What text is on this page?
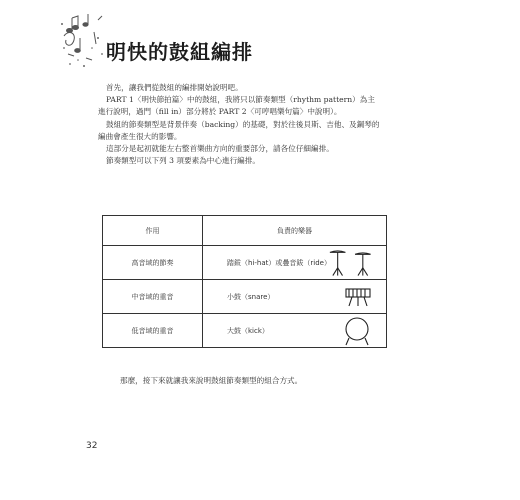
明快的鼓組編排

首先，讓我們從鼓組的編排開始說明吧。

PART 1〈明快節拍篇〉中的鼓組，我將只以節奏類型（rhythm pattern）為主進行說明，過門（fill in）部分將於 PART 2〈可哼唱樂句篇〉中說明）。

鼓組的節奏類型是背景伴奏（backing）的基礎，對於往後貝斯、吉他、及鋼琴的編曲會產生很大的影響。

這部分是起初就能左右整首樂曲方向的重要部分，請各位仔細編排。

節奏類型可以下列 3 項要素為中心進行編排。

作用	負責的樂器
高音域的節奏	踏鈸（hi-hat）或疊音鈸（ride）

中音域的重音	小鼓（snare）

低音域的重音	大鼓（kick）
那麼，接下來就讓我來說明鼓組節奏類型的組合方式。
32
